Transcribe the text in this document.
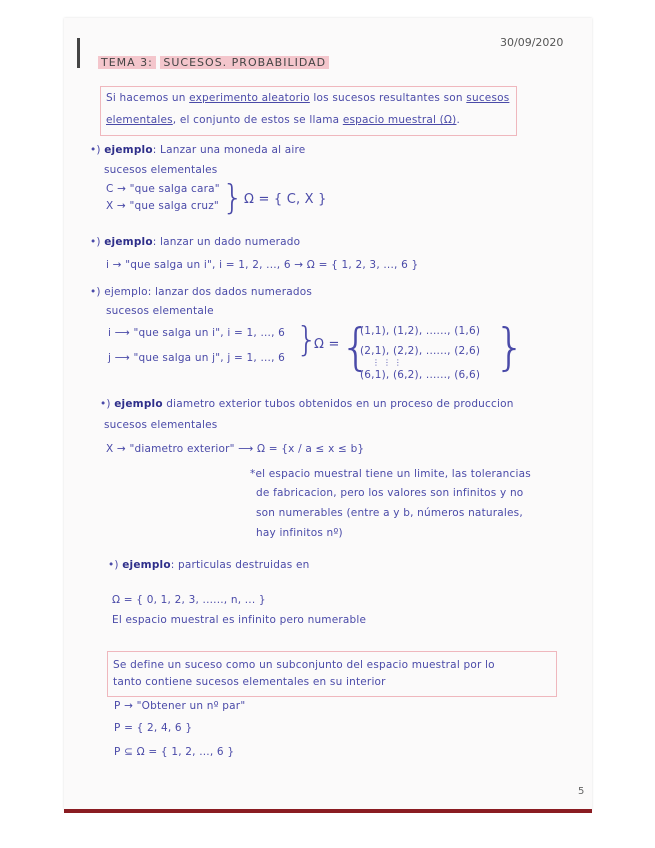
30/09/2020
TEMA 3: SUCESOS. PROBABILIDAD
Si hacemos un experimento aleatorio los sucesos resultantes son sucesos
elementales, el conjunto de estos se llama espacio muestral (Ω).
•) ejemplo: Lanzar una moneda al aire
sucesos elementales
C → "que salga cara"
X → "que salga cruz" } Ω = { C, X }
•) ejemplo: lanzar un dado numerado
i → "que salga un i", i = 1, 2, ..., 6 → Ω = { 1, 2, 3, ..., 6 }
•) ejemplo: lanzar dos dados numerados
sucesos elementale
i ⟶ "que salga un i", i = 1, ..., 6
j ⟶ "que salga un j", j = 1, ..., 6 }
Ω = {
(1,1), (1,2), ......, (1,6)
(2,1), (2,2), ......, (2,6)
⋮ ⋮ ⋮
(6,1), (6,2), ......, (6,6) }
•) ejemplo diametro exterior tubos obtenidos en un proceso de produccion
sucesos elementales
X → "diametro exterior" ⟶ Ω = {x / a ≤ x ≤ b}
*el espacio muestral tiene un limite, las tolerancias
de fabricacion, pero los valores son infinitos y no
son numerables (entre a y b, números naturales,
hay infinitos nº)
•) ejemplo: particulas destruidas en
Ω = { 0, 1, 2, 3, ......, n, ... }
El espacio muestral es infinito pero numerable
Se define un suceso como un subconjunto del espacio muestral por lo
tanto contiene sucesos elementales en su interior
P → "Obtener un nº par"
P = { 2, 4, 6 }
P ⊆ Ω = { 1, 2, ..., 6 }
5
